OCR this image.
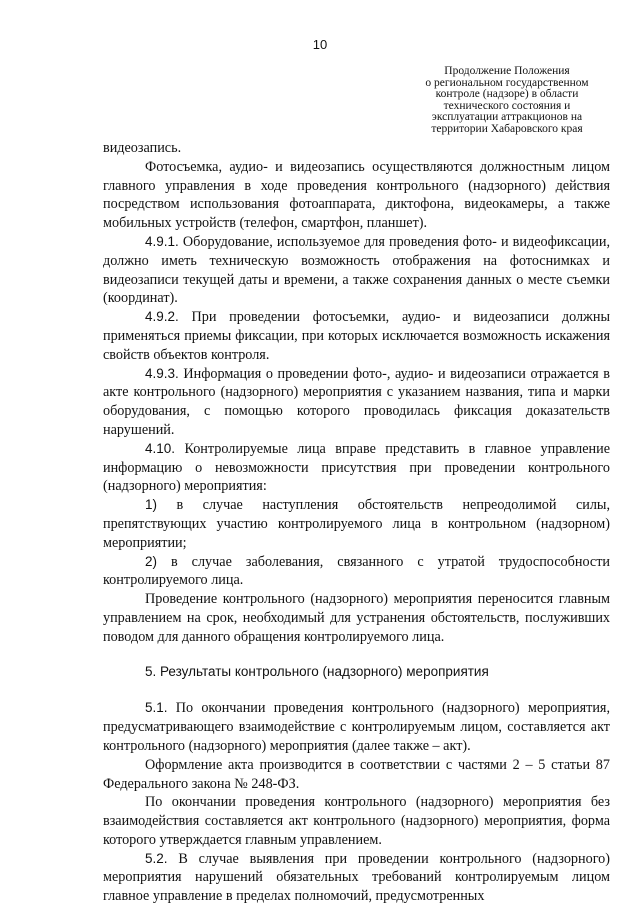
10
Продолжение Положения
о региональном государственном
контроле (надзоре) в области
технического состояния и
эксплуатации аттракционов на
территории Хабаровского края

видеозапись.

Фотосъемка, аудио- и видеозапись осуществляются должностным лицом главного управления в ходе проведения контрольного (надзорного) действия посредством использования фотоаппарата, диктофона, видеокамеры, а также мобильных устройств (телефон, смартфон, планшет).

4.9.1. Оборудование, используемое для проведения фото- и видеофиксации, должно иметь техническую возможность отображения на фотоснимках и видеозаписи текущей даты и времени, а также сохранения данных о месте съемки (координат).

4.9.2. При проведении фотосъемки, аудио- и видеозаписи должны применяться приемы фиксации, при которых исключается возможность искажения свойств объектов контроля.

4.9.3. Информация о проведении фото-, аудио- и видеозаписи отражается в акте контрольного (надзорного) мероприятия с указанием названия, типа и марки оборудования, с помощью которого проводилась фиксация доказательств нарушений.

4.10. Контролируемые лица вправе представить в главное управление информацию о невозможности присутствия при проведении контрольного (надзорного) мероприятия:

1) в случае наступления обстоятельств непреодолимой силы, препятствующих участию контролируемого лица в контрольном (надзорном) мероприятии;

2) в случае заболевания, связанного с утратой трудоспособности контролируемого лица.

Проведение контрольного (надзорного) мероприятия переносится главным управлением на срок, необходимый для устранения обстоятельств, послуживших поводом для данного обращения контролируемого лица.

5. Результаты контрольного (надзорного) мероприятия

5.1. По окончании проведения контрольного (надзорного) мероприятия, предусматривающего взаимодействие с контролируемым лицом, составляется акт контрольного (надзорного) мероприятия (далее также – акт).

Оформление акта производится в соответствии с частями 2 – 5 статьи 87 Федерального закона № 248-ФЗ.

По окончании проведения контрольного (надзорного) мероприятия без взаимодействия составляется акт контрольного (надзорного) мероприятия, форма которого утверждается главным управлением.

5.2. В случае выявления при проведении контрольного (надзорного) мероприятия нарушений обязательных требований контролируемым лицом главное управление в пределах полномочий, предусмотренных
